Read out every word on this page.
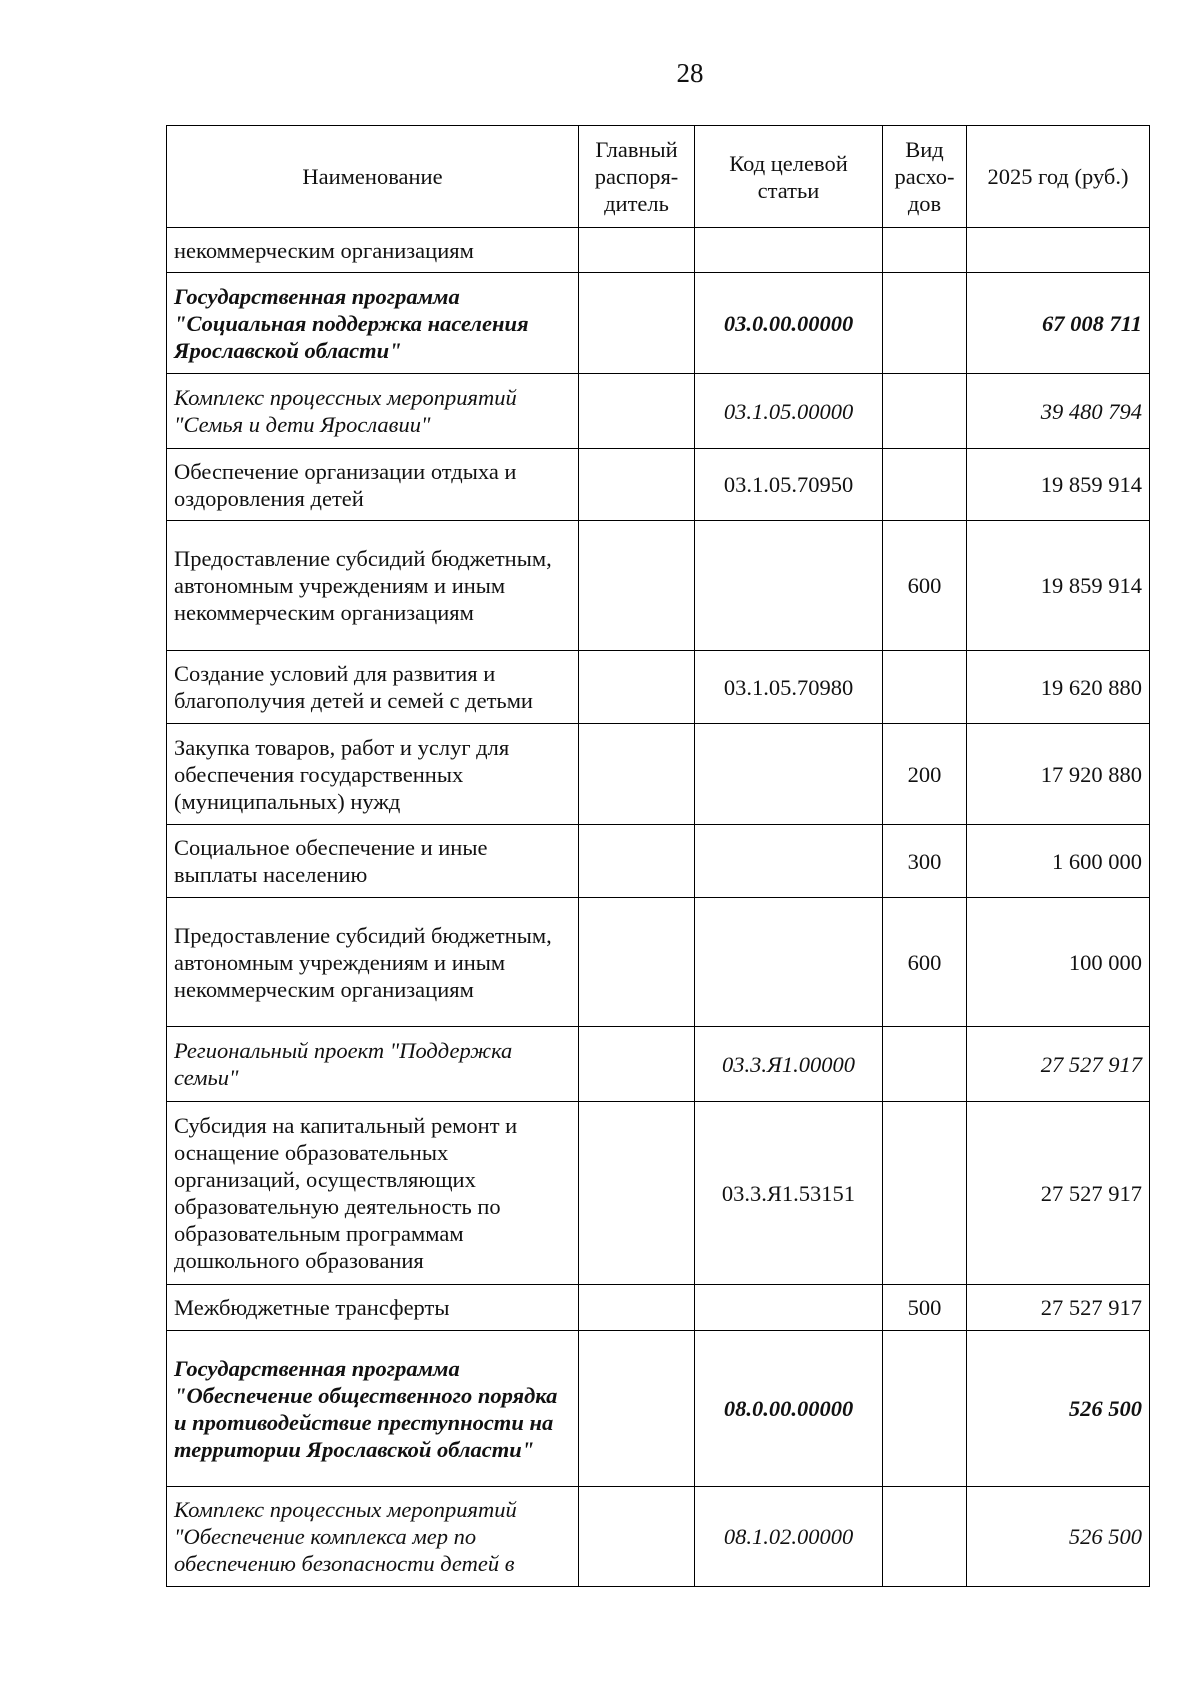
28
Наименование	Главный распоря-дитель	Код целевой статьи	Вид расхо-дов	2025 год (руб.)
некоммерческим организациям				
Государственная программа "Социальная поддержка населения Ярославской области"		03.0.00.00000		67 008 711
Комплекс процессных мероприятий "Семья и дети Ярославии"		03.1.05.00000		39 480 794
Обеспечение организации отдыха и оздоровления детей		03.1.05.70950		19 859 914
Предоставление субсидий бюджетным, автономным учреждениям и иным некоммерческим организациям			600	19 859 914
Создание условий для развития и благополучия детей и семей с детьми		03.1.05.70980		19 620 880
Закупка товаров, работ и услуг для обеспечения государственных (муниципальных) нужд			200	17 920 880
Социальное обеспечение и иные выплаты населению			300	1 600 000
Предоставление субсидий бюджетным, автономным учреждениям и иным некоммерческим организациям			600	100 000
Региональный проект "Поддержка семьи"		03.3.Я1.00000		27 527 917
Субсидия на капитальный ремонт и оснащение образовательных организаций, осуществляющих образовательную деятельность по образовательным программам дошкольного образования		03.3.Я1.53151		27 527 917
Межбюджетные трансферты			500	27 527 917
Государственная программа "Обеспечение общественного порядка и противодействие преступности на территории Ярославской области"		08.0.00.00000		526 500
Комплекс процессных мероприятий "Обеспечение комплекса мер по обеспечению безопасности детей в		08.1.02.00000		526 500
